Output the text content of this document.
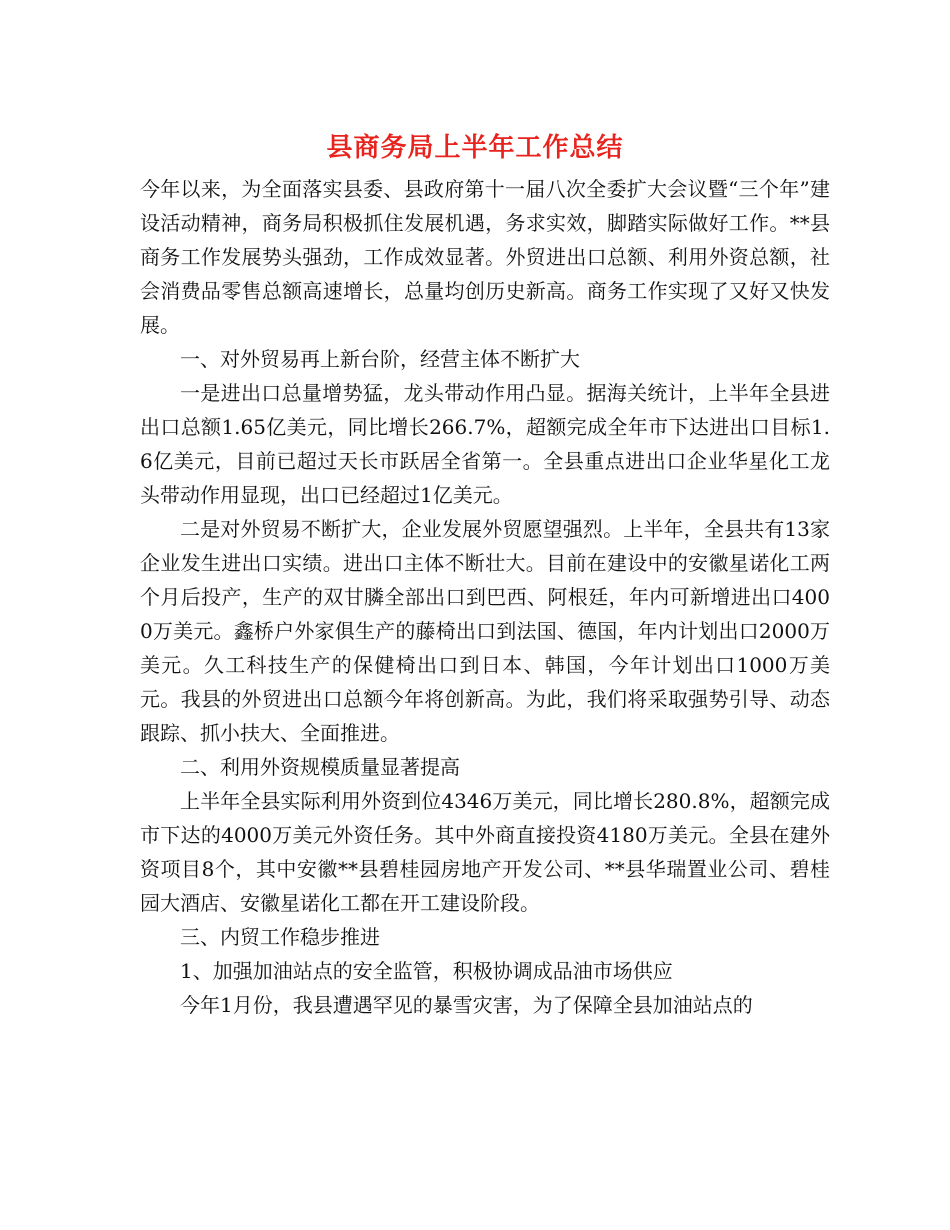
县商务局上半年工作总结

今年以来，为全面落实县委、县政府第十一届八次全委扩大会议暨“三个年”建设活动精神，商务局积极抓住发展机遇，务求实效，脚踏实际做好工作。**县商务工作发展势头强劲，工作成效显著。外贸进出口总额、利用外资总额，社会消费品零售总额高速增长，总量均创历史新高。商务工作实现了又好又快发展。

一、对外贸易再上新台阶，经营主体不断扩大

一是进出口总量增势猛，龙头带动作用凸显。据海关统计，上半年全县进出口总额1.65亿美元，同比增长266.7%，超额完成全年市下达进出口目标1.6亿美元，目前已超过天长市跃居全省第一。全县重点进出口企业华星化工龙头带动作用显现，出口已经超过1亿美元。

二是对外贸易不断扩大，企业发展外贸愿望强烈。上半年，全县共有13家企业发生进出口实绩。进出口主体不断壮大。目前在建设中的安徽星诺化工两个月后投产，生产的双甘膦全部出口到巴西、阿根廷，年内可新增进出口4000万美元。鑫桥户外家俱生产的藤椅出口到法国、德国，年内计划出口2000万美元。久工科技生产的保健椅出口到日本、韩国，今年计划出口1000万美元。我县的外贸进出口总额今年将创新高。为此，我们将采取强势引导、动态跟踪、抓小扶大、全面推进。

二、利用外资规模质量显著提高

上半年全县实际利用外资到位4346万美元，同比增长280.8%，超额完成市下达的4000万美元外资任务。其中外商直接投资4180万美元。全县在建外资项目8个，其中安徽**县碧桂园房地产开发公司、**县华瑞置业公司、碧桂园大酒店、安徽星诺化工都在开工建设阶段。

三、内贸工作稳步推进

1、加强加油站点的安全监管，积极协调成品油市场供应

今年1月份，我县遭遇罕见的暴雪灾害，为了保障全县加油站点的
